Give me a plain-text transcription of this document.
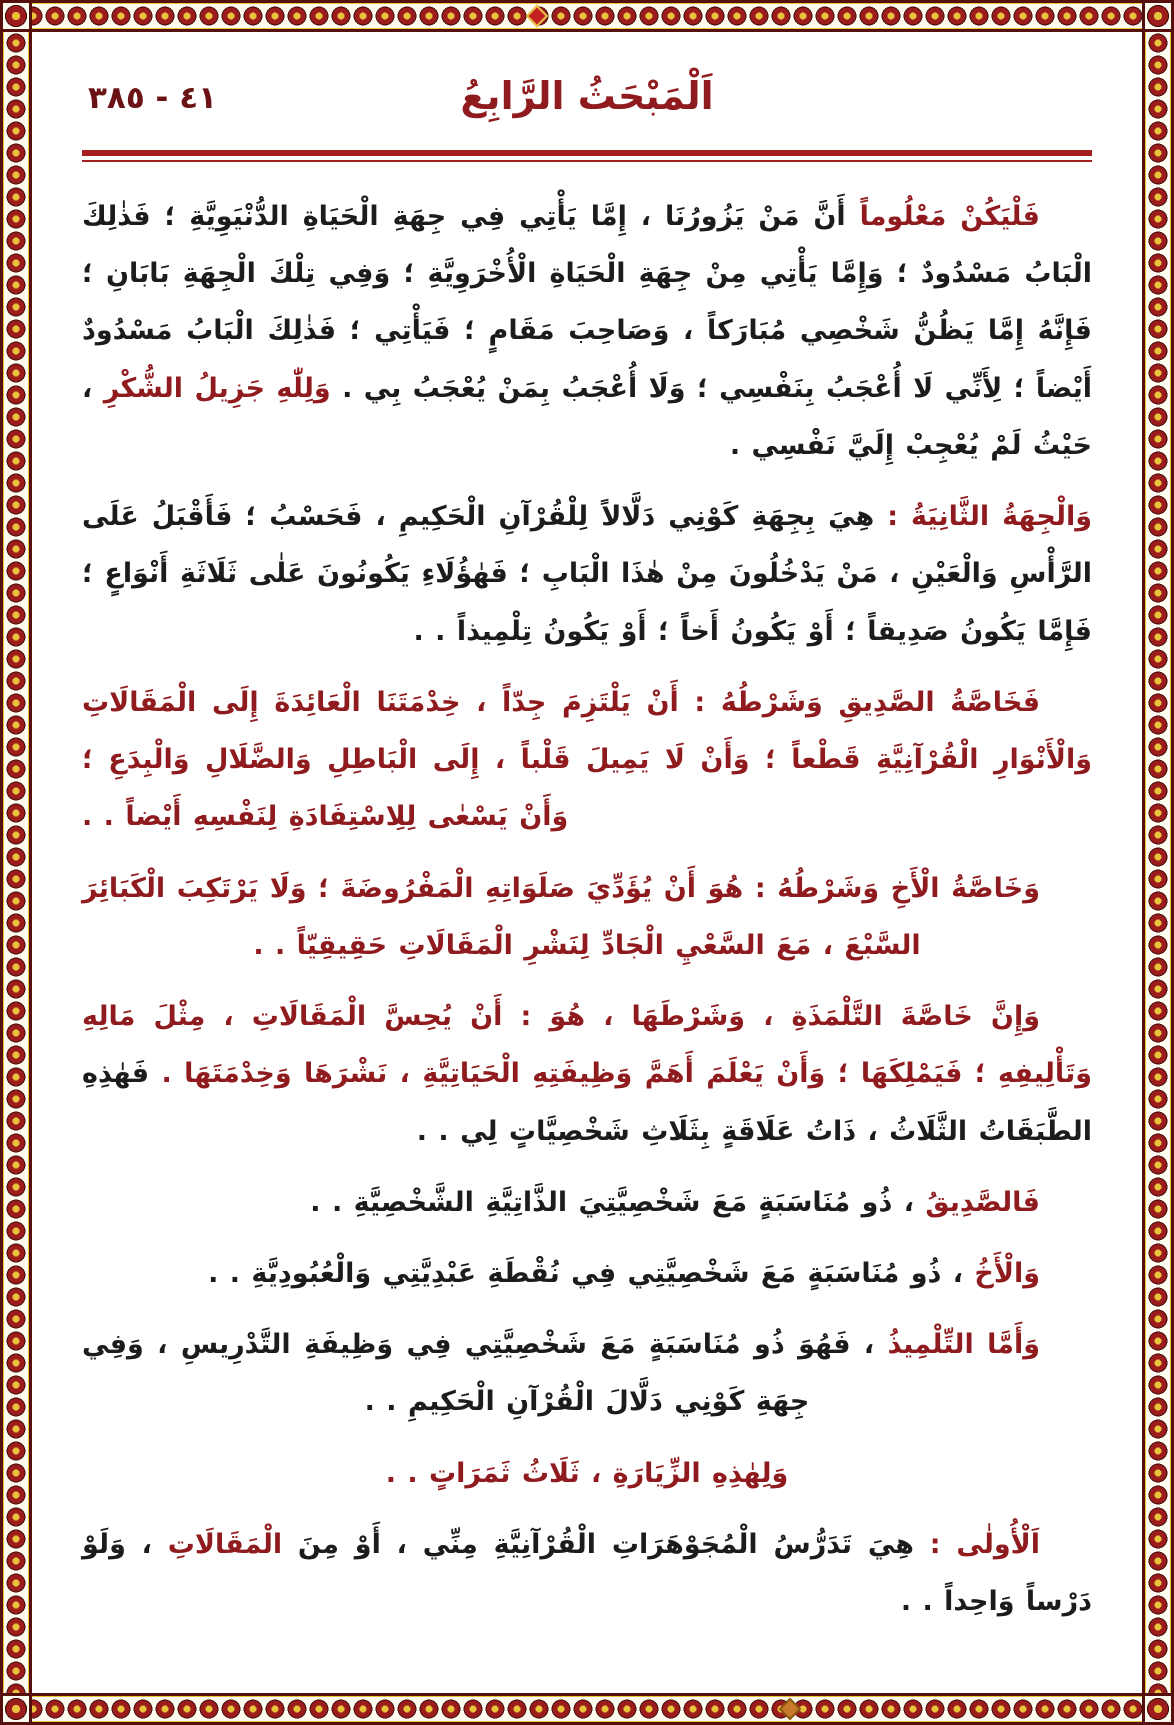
٤١ - ٣٨٥	اَلْمَبْحَثُ الرَّابِعُ

فَلْيَكُنْ مَعْلُوماً أَنَّ مَنْ يَزُورُنَا ، إِمَّا يَأْتِي فِي جِهَةِ الْحَيَاةِ الدُّنْيَوِيَّةِ ؛ فَذٰلِكَ الْبَابُ مَسْدُودٌ ؛ وَإِمَّا يَأْتِي مِنْ جِهَةِ الْحَيَاةِ الْأُخْرَوِيَّةِ ؛ وَفِي تِلْكَ الْجِهَةِ بَابَانِ ؛ فَإِنَّهُ إِمَّا يَظُنُّ شَخْصِي مُبَارَكاً ، وَصَاحِبَ مَقَامٍ ؛ فَيَأْتِي ؛ فَذٰلِكَ الْبَابُ مَسْدُودٌ أَيْضاً ؛ لِأَنِّي لَا أُعْجَبُ بِنَفْسِي ؛ وَلَا أُعْجَبُ بِمَنْ يُعْجَبُ بِي . وَلِلّٰهِ جَزِيلُ الشُّكْرِ ، حَيْثُ لَمْ يُعْجِبْ إِلَيَّ نَفْسِي .

وَالْجِهَةُ الثَّانِيَةُ : هِيَ بِجِهَةِ كَوْنِي دَلَّالاً لِلْقُرْآنِ الْحَكِيمِ ، فَحَسْبُ ؛ فَأَقْبَلُ عَلَى الرَّأْسِ وَالْعَيْنِ ، مَنْ يَدْخُلُونَ مِنْ هٰذَا الْبَابِ ؛ فَهٰؤُلَاءِ يَكُونُونَ عَلٰى ثَلَاثَةِ أَنْوَاعٍ ؛ فَإِمَّا يَكُونُ صَدِيقاً ؛ أَوْ يَكُونُ أَخاً ؛ أَوْ يَكُونُ تِلْمِيذاً . .

فَخَاصَّةُ الصَّدِيقِ وَشَرْطُهُ : أَنْ يَلْتَزِمَ جِدّاً ، خِدْمَتَنَا الْعَائِدَةَ إِلَى الْمَقَالَاتِ وَالْأَنْوَارِ الْقُرْآنِيَّةِ قَطْعاً ؛ وَأَنْ لَا يَمِيلَ قَلْباً ، إِلَى الْبَاطِلِ وَالضَّلَالِ وَالْبِدَعِ ؛ وَأَنْ يَسْعٰى لِلِاسْتِفَادَةِ لِنَفْسِهِ أَيْضاً . .

وَخَاصَّةُ الْأَخِ وَشَرْطُهُ : هُوَ أَنْ يُؤَدِّيَ صَلَوَاتِهِ الْمَفْرُوضَةَ ؛ وَلَا يَرْتَكِبَ الْكَبَائِرَ السَّبْعَ ، مَعَ السَّعْيِ الْجَادِّ لِنَشْرِ الْمَقَالَاتِ حَقِيقِيّاً . .

وَإِنَّ خَاصَّةَ التَّلْمَذَةِ ، وَشَرْطَهَا ، هُوَ : أَنْ يُحِسَّ الْمَقَالَاتِ ، مِثْلَ مَالِهِ وَتَأْلِيفِهِ ؛ فَيَمْلِكَهَا ؛ وَأَنْ يَعْلَمَ أَهَمَّ وَظِيفَتِهِ الْحَيَاتِيَّةِ ، نَشْرَهَا وَخِدْمَتَهَا . فَهٰذِهِ الطَّبَقَاتُ الثَّلَاثُ ، ذَاتُ عَلَاقَةٍ بِثَلَاثِ شَخْصِيَّاتٍ لِي . .

فَالصَّدِيقُ ، ذُو مُنَاسَبَةٍ مَعَ شَخْصِيَّتِيَ الذَّاتِيَّةِ الشَّخْصِيَّةِ . .

وَالْأَخُ ، ذُو مُنَاسَبَةٍ مَعَ شَخْصِيَّتِي فِي نُقْطَةِ عَبْدِيَّتِي وَالْعُبُودِيَّةِ . .

وَأَمَّا التِّلْمِيذُ ، فَهُوَ ذُو مُنَاسَبَةٍ مَعَ شَخْصِيَّتِي فِي وَظِيفَةِ التَّدْرِيسِ ، وَفِي جِهَةِ كَوْنِي دَلَّالَ الْقُرْآنِ الْحَكِيمِ . .

وَلِهٰذِهِ الزِّيَارَةِ ، ثَلَاثُ ثَمَرَاتٍ . .

اَلْأُولٰى : هِيَ تَدَرُّسُ الْمُجَوْهَرَاتِ الْقُرْآنِيَّةِ مِنِّي ، أَوْ مِنَ الْمَقَالَاتِ ، وَلَوْ دَرْساً وَاحِداً . .
